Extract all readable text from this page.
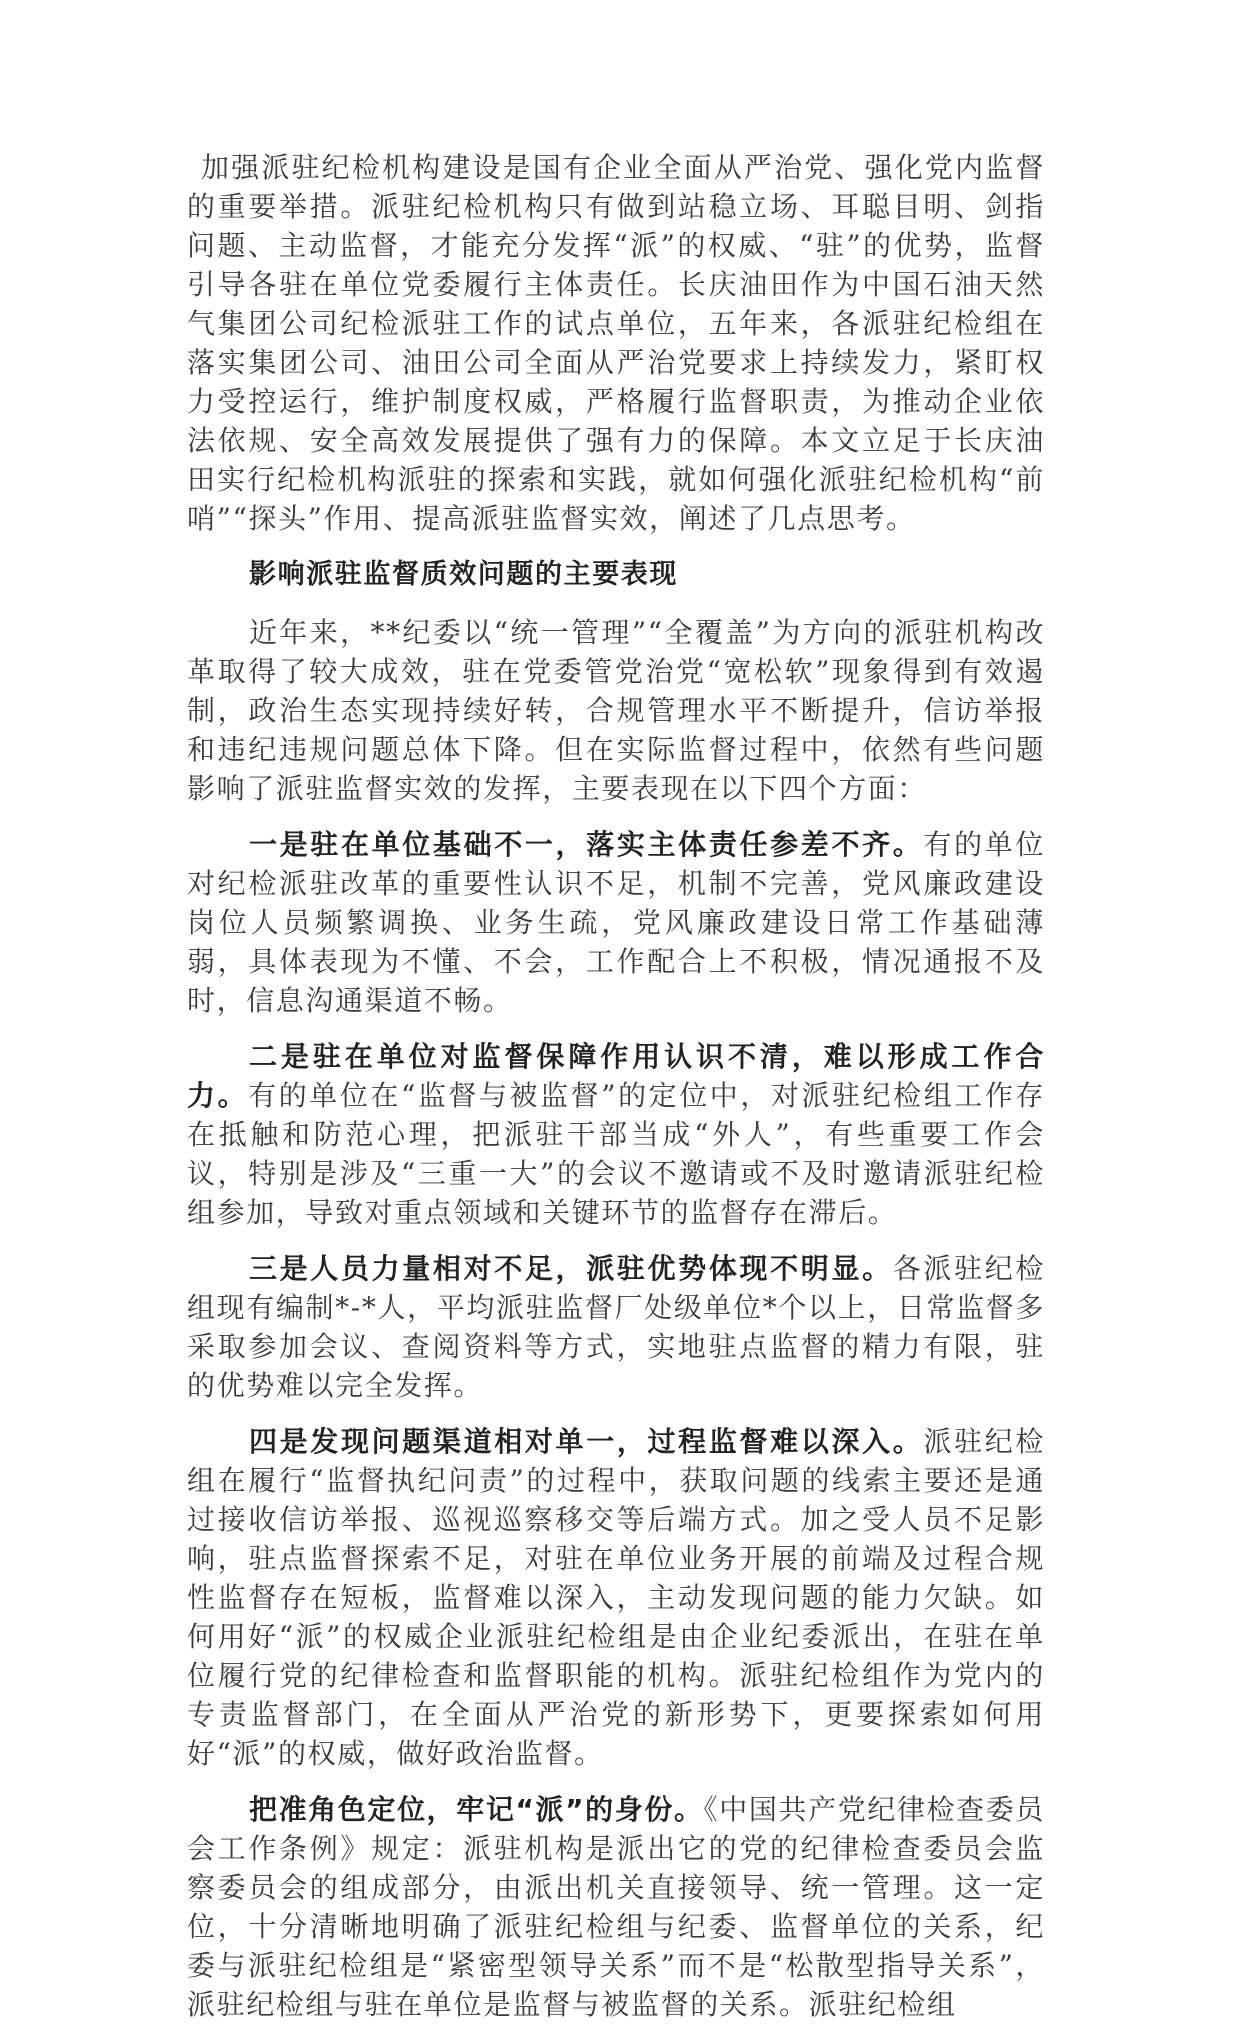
加强派驻纪检机构建设是国有企业全面从严治党、强化党内监督的重要举措。派驻纪检机构只有做到站稳立场、耳聪目明、剑指问题、主动监督，才能充分发挥“派”的权威、“驻”的优势，监督引导各驻在单位党委履行主体责任。长庆油田作为中国石油天然气集团公司纪检派驻工作的试点单位，五年来，各派驻纪检组在落实集团公司、油田公司全面从严治党要求上持续发力，紧盯权力受控运行，维护制度权威，严格履行监督职责，为推动企业依法依规、安全高效发展提供了强有力的保障。本文立足于长庆油田实行纪检机构派驻的探索和实践，就如何强化派驻纪检机构“前哨”“探头”作用、提高派驻监督实效，阐述了几点思考。

影响派驻监督质效问题的主要表现

近年来，**纪委以“统一管理”“全覆盖”为方向的派驻机构改革取得了较大成效，驻在党委管党治党“宽松软”现象得到有效遏制，政治生态实现持续好转，合规管理水平不断提升，信访举报和违纪违规问题总体下降。但在实际监督过程中，依然有些问题影响了派驻监督实效的发挥，主要表现在以下四个方面：

一是驻在单位基础不一，落实主体责任参差不齐。有的单位对纪检派驻改革的重要性认识不足，机制不完善，党风廉政建设岗位人员频繁调换、业务生疏，党风廉政建设日常工作基础薄弱，具体表现为不懂、不会，工作配合上不积极，情况通报不及时，信息沟通渠道不畅。

二是驻在单位对监督保障作用认识不清，难以形成工作合力。有的单位在“监督与被监督”的定位中，对派驻纪检组工作存在抵触和防范心理，把派驻干部当成“外人”，有些重要工作会议，特别是涉及“三重一大”的会议不邀请或不及时邀请派驻纪检组参加，导致对重点领域和关键环节的监督存在滞后。

三是人员力量相对不足，派驻优势体现不明显。各派驻纪检组现有编制*-*人，平均派驻监督厂处级单位*个以上，日常监督多采取参加会议、查阅资料等方式，实地驻点监督的精力有限，驻的优势难以完全发挥。

四是发现问题渠道相对单一，过程监督难以深入。派驻纪检组在履行“监督执纪问责”的过程中，获取问题的线索主要还是通过接收信访举报、巡视巡察移交等后端方式。加之受人员不足影响，驻点监督探索不足，对驻在单位业务开展的前端及过程合规性监督存在短板，监督难以深入，主动发现问题的能力欠缺。如何用好“派”的权威企业派驻纪检组是由企业纪委派出，在驻在单位履行党的纪律检查和监督职能的机构。派驻纪检组作为党内的专责监督部门，在全面从严治党的新形势下，更要探索如何用好“派”的权威，做好政治监督。

把准角色定位，牢记“派”的身份。《中国共产党纪律检查委员会工作条例》规定：派驻机构是派出它的党的纪律检查委员会监察委员会的组成部分，由派出机关直接领导、统一管理。这一定位，十分清晰地明确了派驻纪检组与纪委、监督单位的关系，纪委与派驻纪检组是“紧密型领导关系”而不是“松散型指导关系”，派驻纪检组与驻在单位是监督与被监督的关系。派驻纪检组
